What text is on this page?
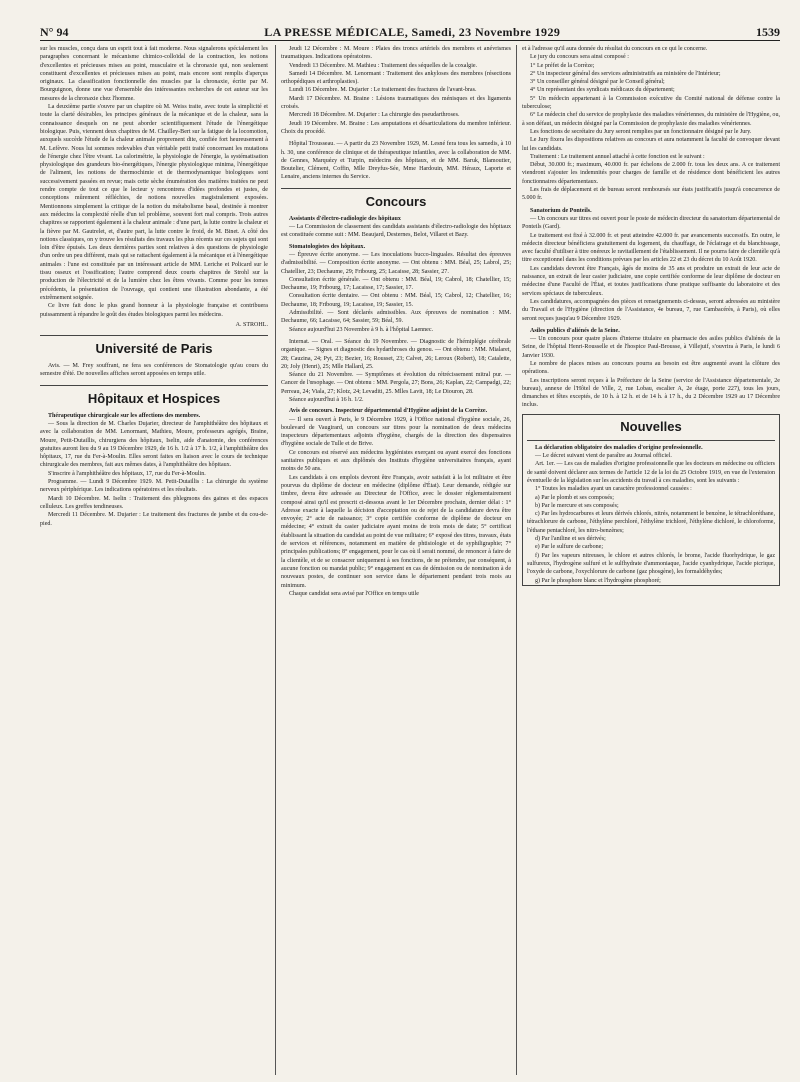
N° 94	LA PRESSE MÉDICALE, Samedi, 23 Novembre 1929	1539

sur les muscles, conçu dans un esprit tout à fait moderne. Nous signalerons spécialement les paragraphes concernant le mécanisme chimico-colloïdal de la contraction, les notions d'excellentes et précieuses mises au point, musculaire et la chronaxie qui, non seulement constituent d'excellentes et précieuses mises au point, mais encore sont remplis d'aperçus originaux. La classification fonctionnelle des muscles par la chronaxie, écrite par M. Bourguignon, donne une vue d'ensemble des intéressantes recherches de cet auteur sur les mesures de la chronaxie chez l'homme.

La deuxième partie s'ouvre par un chapitre où M. Weiss traite, avec toute la simplicité et toute la clarté désirables, les principes généraux de la mécanique et de la chaleur, sans la connaissance desquels on ne peut aborder scientifiquement l'étude de l'énergétique biologique. Puis, viennent deux chapitres de M. Chailley-Bert sur la fatigue de la locomotion, auxquels succède l'étude de la chaleur animale proprement dite, confiée fort heureusement à M. Lefèvre. Nous lui sommes redevables d'un véritable petit traité concernant les mutations de l'énergie chez l'être vivant. La calorimétrie, la physiologie de l'énergie, la systématisation physiologique des grandeurs bio-énergétiques, l'énergie physiologique minima, l'énergétique de l'aliment, les notions de thermochimie et de thermodynamique biologiques sont successivement passées en revue; mais cette sèche énumération des matières traitées ne peut rendre compte de tout ce que le lecteur y rencontrera d'idées profondes et justes, de conceptions mûrement réfléchies, de notions nouvelles magistralement exposées. Mentionnons simplement la critique de la notion du métabolisme basal, destinée à montrer aux médecins la complexité réelle d'un tel problème, souvent fort mal compris. Trois autres chapitres se rapportent également à la chaleur animale : d'une part, la lutte contre la chaleur et la fièvre par M. Gautrelet, et, d'autre part, la lutte contre le froid, de M. Binet. A côté des notions classiques, on y trouve les résultats des travaux les plus récents sur ces sujets qui sont loin d'être épuisés. Les deux dernières parties sont relatives à des questions de physiologie d'un ordre un peu différent, mais qui se rattachent également à la mécanique et à l'énergétique animales : l'une est constituée par un intéressant article de MM. Leriche et Policard sur le tissu osseux et l'ossification; l'autre comprend deux courts chapitres de Strohl sur la production de l'électricité et de la lumière chez les êtres vivants. Comme pour les tomes précédents, la présentation de l'ouvrage, qui contient une illustration abondante, a été extrêmement soignée.

Ce livre fait donc le plus grand honneur à la physiologie française et contribuera puissamment à répandre le goût des études biologiques parmi les médecins.

A. STROHL.
Université de Paris

Avis. — M. Frey souffrant, ne fera ses conférences de Stomatologie qu'au cours du semestre d'été. De nouvelles affiches seront apposées en temps utile.

Hôpitaux et Hospices

Thérapeutique chirurgicale sur les affections des membres.

— Sous la direction de M. Charles Dujarier, directeur de l'amphithéâtre des hôpitaux et avec la collaboration de MM. Lenormant, Mathieu, Moure, professeurs agrégés, Braine, Moure, Petit-Dutaillis, chirurgiens des hôpitaux, Iselin, aide d'anatomie, des conférences gratuites auront lieu du 9 au 19 Décembre 1929, de 16 h. 1/2 à 17 h. 1/2, à l'amphithéâtre des hôpitaux, 17, rue du Fer-à-Moulin. Elles seront faites en liaison avec le cours de technique chirurgicale des membres, fait aux mêmes dates, à l'amphithéâtre des hôpitaux.

S'inscrire à l'amphithéâtre des hôpitaux, 17, rue du Fer-à-Moulin.

Programme. — Lundi 9 Décembre 1929. M. Petit-Dutaillis : La chirurgie du système nerveux périphérique. Les indications opératoires et les résultats.

Mardi 10 Décembre. M. Iselin : Traitement des phlegmons des gaines et des espaces celluleux. Les greffes tendineuses.

Mercredi 11 Décembre. M. Dujarier : Le traitement des fractures de jambe et du cou-de-pied.

Jeudi 12 Décembre : M. Moure : Plaies des troncs artériels des membres et anévrismes traumatiques. Indications opératoires.

Vendredi 13 Décembre. M. Mathieu : Traitement des séquelles de la coxalgie.

Samedi 14 Décembre. M. Lenormant : Traitement des ankyloses des membres (résections orthopédiques et arthroplasties).

Lundi 16 Décembre. M. Dujarier : Le traitement des fractures de l'avant-bras.

Mardi 17 Décembre. M. Braine : Lésions traumatiques des ménisques et des ligaments croisés.

Mercredi 18 Décembre. M. Dujarier : La chirurgie des pseudarthroses.

Jeudi 19 Décembre. M. Braine : Les amputations et désarticulations du membre inférieur. Choix du procédé.

Hôpital Trousseau. — A partir du 23 Novembre 1929, M. Lesné fera tous les samedis, à 10 h. 30, une conférence de clinique et de thérapeutique infantiles, avec la collaboration de MM. de Gennes, Marquézy et Turpin, médecins des hôpitaux, et de MM. Baruk, Blamoutier, Boutelier, Clément, Coffin, Mlle Dreyfus-Sée, Mme Hardouin, MM. Héraux, Laporte et Lenaire, anciens internes du Service.

Concours

Assistants d'électro-radiologie des hôpitaux

— La Commission de classement des candidats assistants d'électro-radiologie des hôpitaux est constituée comme suit : MM. Beaujard, Desternes, Belot, Villaret et Bazy.

Stomatologistes des hôpitaux.

— Épreuve écrite anonyme. — Les inoculations bucco-linguales. Résultat des épreuves d'admissibilité. — Composition écrite anonyme. — Ont obtenu : MM. Béal, 25; Labrol, 25; Chatellier, 23; Dechaume, 29; Fribourg, 25; Lacaisse, 28; Sassier, 27.

Consultation écrite générale. — Ont obtenu : MM. Béal, 19; Cabrol, 18; Chatellier, 15; Dechaume, 19; Fribourg, 17; Lacaisse, 17; Sassier, 17.

Consultation écrite dentaire. — Ont obtenu : MM. Béal, 15; Cabrol, 12; Chatellier, 16; Dechaume, 18; Fribourg, 19; Lacaisse, 19; Sassier, 15.

Admissibilité. — Sont déclarés admissibles. Aux épreuves de nomination : MM. Dechaume, 66; Lacaisse, 64; Sassier, 59; Béal, 59.

Séance aujourd'hui 23 Novembre à 9 h. à l'hôpital Laennec.

Internat. — Oral. — Séance du 19 Novembre. — Diagnostic de l'hémiplégie cérébrale organique. — Signes et diagnostic des hydarthroses du genou. — Ont obtenu : MM. Mialaret, 28; Cauzina, 24; Pyt, 23; Bezier, 16; Rousset, 23; Calvet, 26; Leroux (Robert), 18; Catalette, 20; Joly (Henri), 25; Mlle Hallard, 25.

Séance du 21 Novembre. — Symptômes et évolution du rétrécissement mitral pur. — Cancer de l'œsophage. — Ont obtenu : MM. Pergola, 27; Bons, 26; Kaplan, 22; Campadgi, 22; Perreau, 24; Viala, 27; Klotz, 24; Levaditi, 25. Mlles Lavit, 18; Le Diouron, 28.

Séance aujourd'hui à 16 h. 1/2.

Avis de concours. Inspecteur départemental d'Hygiène adjoint de la Corrèze.

— Il sera ouvert à Paris, le 9 Décembre 1929, à l'Office national d'hygiène sociale, 26, boulevard de Vaugirard, un concours sur titres pour la nomination de deux médecins inspecteurs départementaux adjoints d'hygiène, chargés de la direction des dispensaires d'hygiène sociale de Tulle et de Brive.

Ce concours est réservé aux médecins hygiénistes exerçant ou ayant exercé des fonctions sanitaires publiques et aux diplômés des Instituts d'hygiène universitaires français, ayant moins de 50 ans.

Les candidats à ces emplois devront être Français, avoir satisfait à la loi militaire et être pourvus du diplôme de docteur en médecine (diplôme d'État). Leur demande, rédigée sur timbre, devra être adressée au Directeur de l'Office, avec le dossier réglementairement composé ainsi qu'il est prescrit ci-dessous avant le 1er Décembre prochain, dernier délai : 1° Adresse exacte à laquelle la décision d'acceptation ou de rejet de la candidature devra être envoyée; 2° acte de naissance; 3° copie certifiée conforme de diplôme de docteur en médecine; 4° extrait du casier judiciaire ayant moins de trois mois de date; 5° certificat établissant la situation du candidat au point de vue militaire; 6° exposé des titres, travaux, états de services et références, notamment en matière de phtisiologie et de syphiligraphie; 7° principales publications; 8° engagement, pour le cas où il serait nommé, de renoncer à faire de la clientèle, et de se consacrer uniquement à ses fonctions, de ne prétendre, par conséquent, à aucune fonction ou mandat public; 9° engagement en cas de démission ou de nomination à de nouveaux postes, de continuer son service dans le département pendant trois mois au minimum.

Chaque candidat sera avisé par l'Office en temps utile

et à l'adresse qu'il aura donnée du résultat du concours en ce qui le concerne.

Le jury du concours sera ainsi composé :

1° Le préfet de la Corrèze;

2° Un inspecteur général des services administratifs au ministère de l'Intérieur;

3° Un conseiller général désigné par le Conseil général;

4° Un représentant des syndicats médicaux du département;

5° Un médecin appartenant à la Commission exécutive du Comité national de défense contre la tuberculose;

6° Le médecin chef du service de prophylaxie des maladies vénériennes, du ministère de l'Hygiène, ou, à son défaut, un médecin désigné par la Commission de prophylaxie des maladies vénériennes.

Les fonctions de secrétaire du Jury seront remplies par un fonctionnaire désigné par le Jury.

Le Jury fixera les dispositions relatives au concours et aura notamment la faculté de convoquer devant lui les candidats.

Traitement : Le traitement annuel attaché à cette fonction est le suivant :

Début, 30.000 fr.; maximum, 40.000 fr. par échelons de 2.000 fr. tous les deux ans. A ce traitement viendront s'ajouter les indemnités pour charges de famille et de résidence dont bénéficient les autres fonctionnaires départementaux.

Les frais de déplacement et de bureau seront remboursés sur états justificatifs jusqu'à concurrence de 5.000 fr.

Sanatorium de Ponteils.

— Un concours sur titres est ouvert pour le poste de médecin directeur du sanatorium départemental de Ponteils (Gard).

Le traitement est fixé à 32.000 fr. et peut atteindre 42.000 fr. par avancements successifs. En outre, le médecin directeur bénéficiera gratuitement du logement, du chauffage, de l'éclairage et du blanchissage, avec faculté d'utiliser à titre onéreux le ravitaillement de l'établissement. Il ne pourra faire de clientèle qu'à titre exceptionnel dans les conditions prévues par les articles 22 et 23 du décret du 10 Août 1920.

Les candidats devront être Français, âgés de moins de 35 ans et produire un extrait de leur acte de naissance, un extrait de leur casier judiciaire, une copie certifiée conforme de leur diplôme de docteur en médecine d'une Faculté de l'État, et toutes justifications d'une pratique suffisante du laboratoire et des services spéciaux de tuberculeux.

Les candidatures, accompagnées des pièces et renseignements ci-dessus, seront adressées au ministère du Travail et de l'Hygiène (direction de l'Assistance, 4e bureau, 7, rue Cambacérès, à Paris), où elles seront reçues jusqu'au 9 Décembre 1929.

Asiles publics d'aliénés de la Seine.

— Un concours pour quatre places d'interne titulaire en pharmacie des asiles publics d'aliénés de la Seine, de l'hôpital Henri-Rousselle et de l'hospice Paul-Brousse, à Villejuif, s'ouvrira à Paris, le lundi 6 Janvier 1930.

Le nombre de places mises au concours pourra au besoin est être augmenté avant la clôture des opérations.

Les inscriptions seront reçues à la Préfecture de la Seine (service de l'Assistance départementale, 2e bureau), annexe de l'Hôtel de Ville, 2, rue Lobau, escalier A, 2e étage, porte 227), tous les jours, dimanches et fêtes exceptés, de 10 h. à 12 h. et de 14 h. à 17 h., du 2 Décembre 1929 au 17 Décembre inclus.

Nouvelles

La déclaration obligatoire des maladies d'origine professionnelle.

— Le décret suivant vient de paraître au Journal officiel.

Art. 1er. — Les cas de maladies d'origine professionnelle que les docteurs en médecine ou officiers de santé doivent déclarer aux termes de l'article 12 de la loi du 25 Octobre 1919, en vue de l'extension éventuelle de la législation sur les accidents du travail à ces maladies, sont les suivants :

1° Toutes les maladies ayant un caractère professionnel causées :

a) Par le plomb et ses composés;

b) Par le mercure et ses composés;

c) Par les hydrocarbures et leurs dérivés chlorés, nitrés, notamment le benzène, le tétrachloréthane, tétrachlorure de carbone, l'éthylène perchloré, l'éthylène trichloré, l'éthylène dichloré, le chloroforme, l'éthane pentachloré, les nitro-benzènes;

d) Par l'aniline et ses dérivés;

e) Par le sulfure de carbone;

f) Par les vapeurs nitreuses, le chlore et autres chlorés, le brome, l'acide fluorhydrique, le gaz sulfureux, l'hydrogène sulfuré et le sulfhydrate d'ammoniaque, l'acide cyanhydrique, l'acide picrique, l'oxyde de carbone, l'oxychlorure de carbone (gaz phosgène), les formaldéhydes;

g) Par le phosphore blanc et l'hydrogène phosphoré;
